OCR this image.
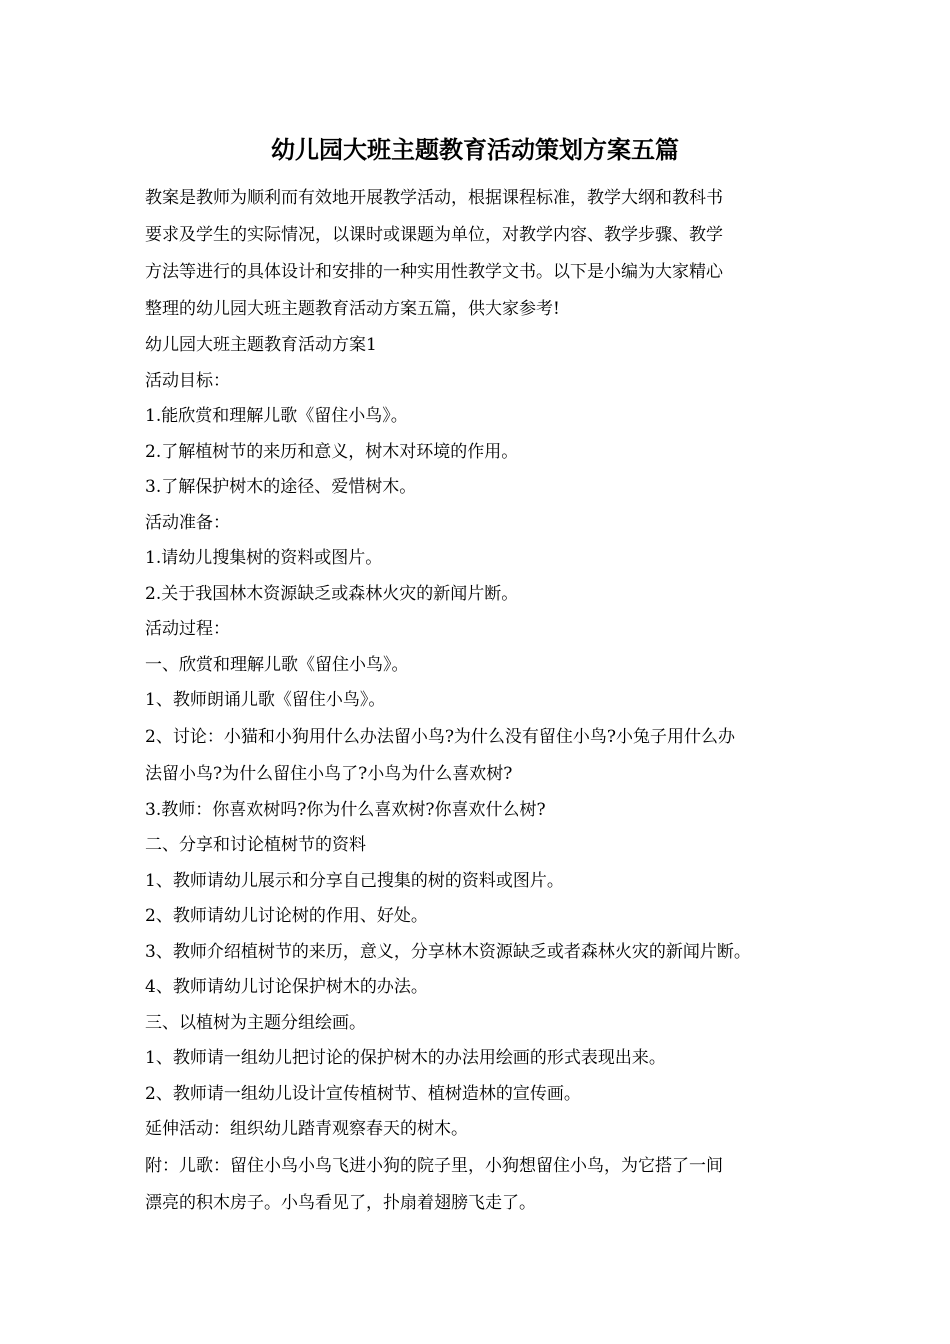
幼儿园大班主题教育活动策划方案五篇
教案是教师为顺利而有效地开展教学活动，根据课程标准，教学大纲和教科书
要求及学生的实际情况，以课时或课题为单位，对教学内容、教学步骤、教学
方法等进行的具体设计和安排的一种实用性教学文书。以下是小编为大家精心
整理的幼儿园大班主题教育活动方案五篇，供大家参考!
幼儿园大班主题教育活动方案1
活动目标：
1.能欣赏和理解儿歌《留住小鸟》。
2.了解植树节的来历和意义，树木对环境的作用。
3.了解保护树木的途径、爱惜树木。
活动准备：
1.请幼儿搜集树的资料或图片。
2.关于我国林木资源缺乏或森林火灾的新闻片断。
活动过程：
一、欣赏和理解儿歌《留住小鸟》。
1、教师朗诵儿歌《留住小鸟》。
2、讨论：小猫和小狗用什么办法留小鸟?为什么没有留住小鸟?小兔子用什么办
法留小鸟?为什么留住小鸟了?小鸟为什么喜欢树?
3.教师：你喜欢树吗?你为什么喜欢树?你喜欢什么树?
二、分享和讨论植树节的资料
1、教师请幼儿展示和分享自己搜集的树的资料或图片。
2、教师请幼儿讨论树的作用、好处。
3、教师介绍植树节的来历，意义，分享林木资源缺乏或者森林火灾的新闻片断。
4、教师请幼儿讨论保护树木的办法。
三、以植树为主题分组绘画。
1、教师请一组幼儿把讨论的保护树木的办法用绘画的形式表现出来。
2、教师请一组幼儿设计宣传植树节、植树造林的宣传画。
延伸活动：组织幼儿踏青观察春天的树木。
附：儿歌：留住小鸟小鸟飞进小狗的院子里，小狗想留住小鸟，为它搭了一间
漂亮的积木房子。小鸟看见了，扑扇着翅膀飞走了。
